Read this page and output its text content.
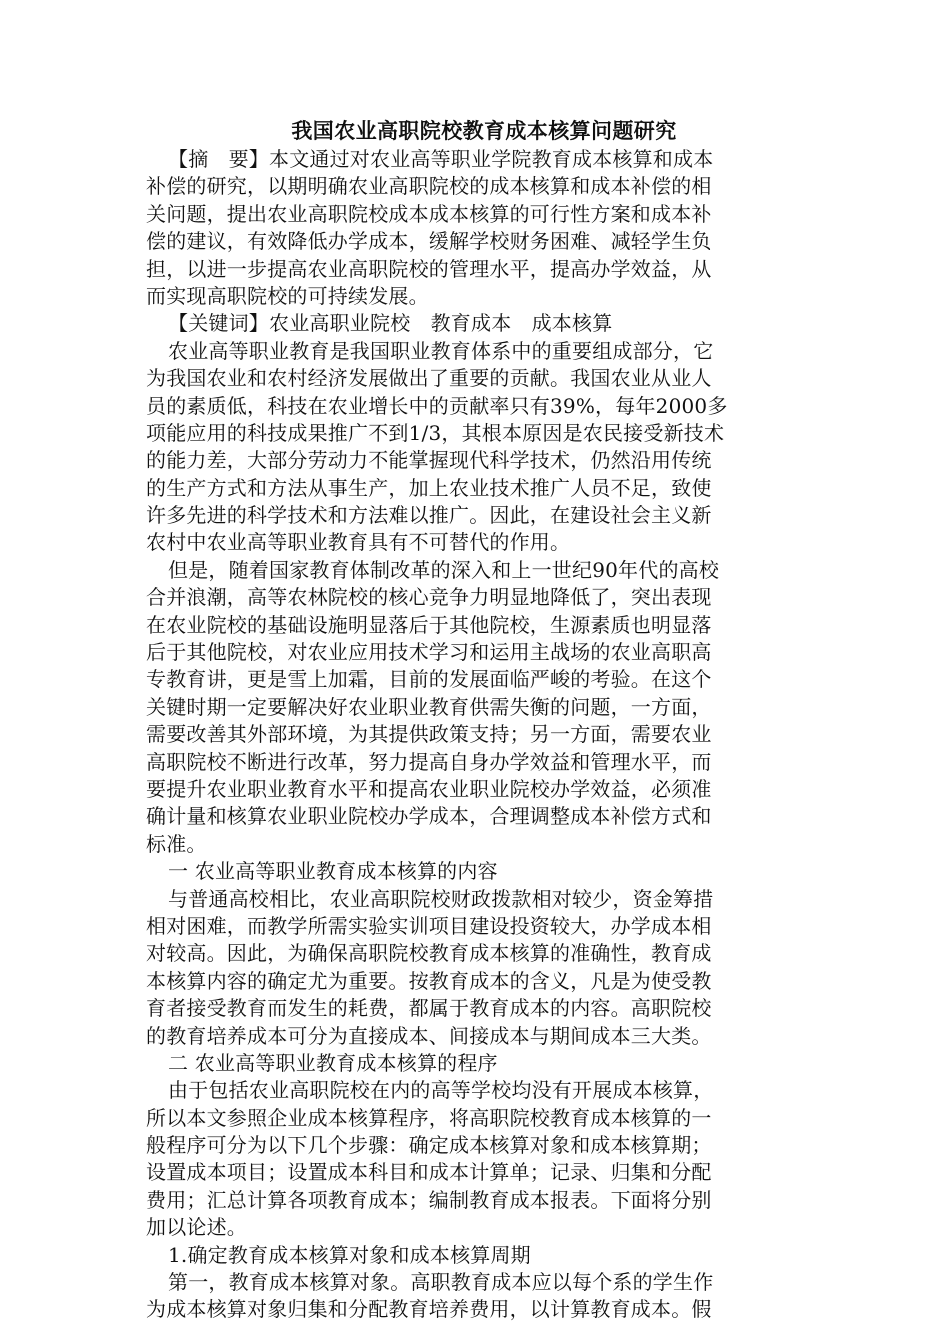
我国农业高职院校教育成本核算问题研究
【摘　要】本文通过对农业高等职业学院教育成本核算和成本
补偿的研究，以期明确农业高职院校的成本核算和成本补偿的相
关问题，提出农业高职院校成本成本核算的可行性方案和成本补
偿的建议，有效降低办学成本，缓解学校财务困难、减轻学生负
担，以进一步提高农业高职院校的管理水平，提高办学效益，从
而实现高职院校的可持续发展。
【关键词】农业高职业院校　教育成本　成本核算
农业高等职业教育是我国职业教育体系中的重要组成部分，它
为我国农业和农村经济发展做出了重要的贡献。我国农业从业人
员的素质低，科技在农业增长中的贡献率只有39%，每年2000多
项能应用的科技成果推广不到1/3，其根本原因是农民接受新技术
的能力差，大部分劳动力不能掌握现代科学技术，仍然沿用传统
的生产方式和方法从事生产，加上农业技术推广人员不足，致使
许多先进的科学技术和方法难以推广。因此，在建设社会主义新
农村中农业高等职业教育具有不可替代的作用。
但是，随着国家教育体制改革的深入和上一世纪90年代的高校
合并浪潮，高等农林院校的核心竞争力明显地降低了，突出表现
在农业院校的基础设施明显落后于其他院校，生源素质也明显落
后于其他院校，对农业应用技术学习和运用主战场的农业高职高
专教育讲，更是雪上加霜，目前的发展面临严峻的考验。在这个
关键时期一定要解决好农业职业教育供需失衡的问题，一方面，
需要改善其外部环境，为其提供政策支持；另一方面，需要农业
高职院校不断进行改革，努力提高自身办学效益和管理水平，而
要提升农业职业教育水平和提高农业职业院校办学效益，必须准
确计量和核算农业职业院校办学成本，合理调整成本补偿方式和
标准。
一 农业高等职业教育成本核算的内容
与普通高校相比，农业高职院校财政拨款相对较少，资金筹措
相对困难，而教学所需实验实训项目建设投资较大，办学成本相
对较高。因此，为确保高职院校教育成本核算的准确性，教育成
本核算内容的确定尤为重要。按教育成本的含义，凡是为使受教
育者接受教育而发生的耗费，都属于教育成本的内容。高职院校
的教育培养成本可分为直接成本、间接成本与期间成本三大类。
二 农业高等职业教育成本核算的程序
由于包括农业高职院校在内的高等学校均没有开展成本核算，
所以本文参照企业成本核算程序，将高职院校教育成本核算的一
般程序可分为以下几个步骤：确定成本核算对象和成本核算期；
设置成本项目；设置成本科目和成本计算单；记录、归集和分配
费用；汇总计算各项教育成本；编制教育成本报表。下面将分别
加以论述。
1.确定教育成本核算对象和成本核算周期
第一，教育成本核算对象。高职教育成本应以每个系的学生作
为成本核算对象归集和分配教育培养费用，以计算教育成本。假
